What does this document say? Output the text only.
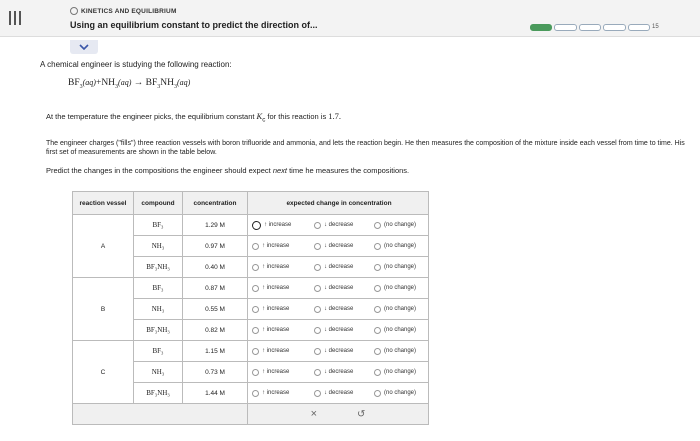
KINETICS AND EQUILIBRIUM
Using an equilibrium constant to predict the direction of...	15
A chemical engineer is studying the following reaction:
$BF_3(aq)+NH_3(aq) \to BF_3NH_3(aq)$
At the temperature the engineer picks, the equilibrium constant $K_c$ for this reaction is 1.7.
The engineer charges ("fills") three reaction vessels with boron trifluoride and ammonia, and lets the reaction begin. He then measures the composition of the mixture inside each vessel from time to time. His first set of measurements are shown in the table below.
Predict the changes in the compositions the engineer should expect next time he measures the compositions.
reaction vessel	compound	concentration	expected change in concentration
A	BF₃	1.29 M	↑ increase ↓ decrease (no change)

	NH₃	0.97 M	↑ increase ↓ decrease (no change)

	BF₃NH₃	0.40 M	↑ increase ↓ decrease (no change)

B	BF₃	0.87 M	↑ increase ↓ decrease (no change)

	NH₃	0.55 M	↑ increase ↓ decrease (no change)

	BF₃NH₃	0.82 M	↑ increase ↓ decrease (no change)

C	BF₃	1.15 M	↑ increase ↓ decrease (no change)

	NH₃	0.73 M	↑ increase ↓ decrease (no change)

	BF₃NH₃	1.44 M	↑ increase ↓ decrease (no change)

			× ↺
